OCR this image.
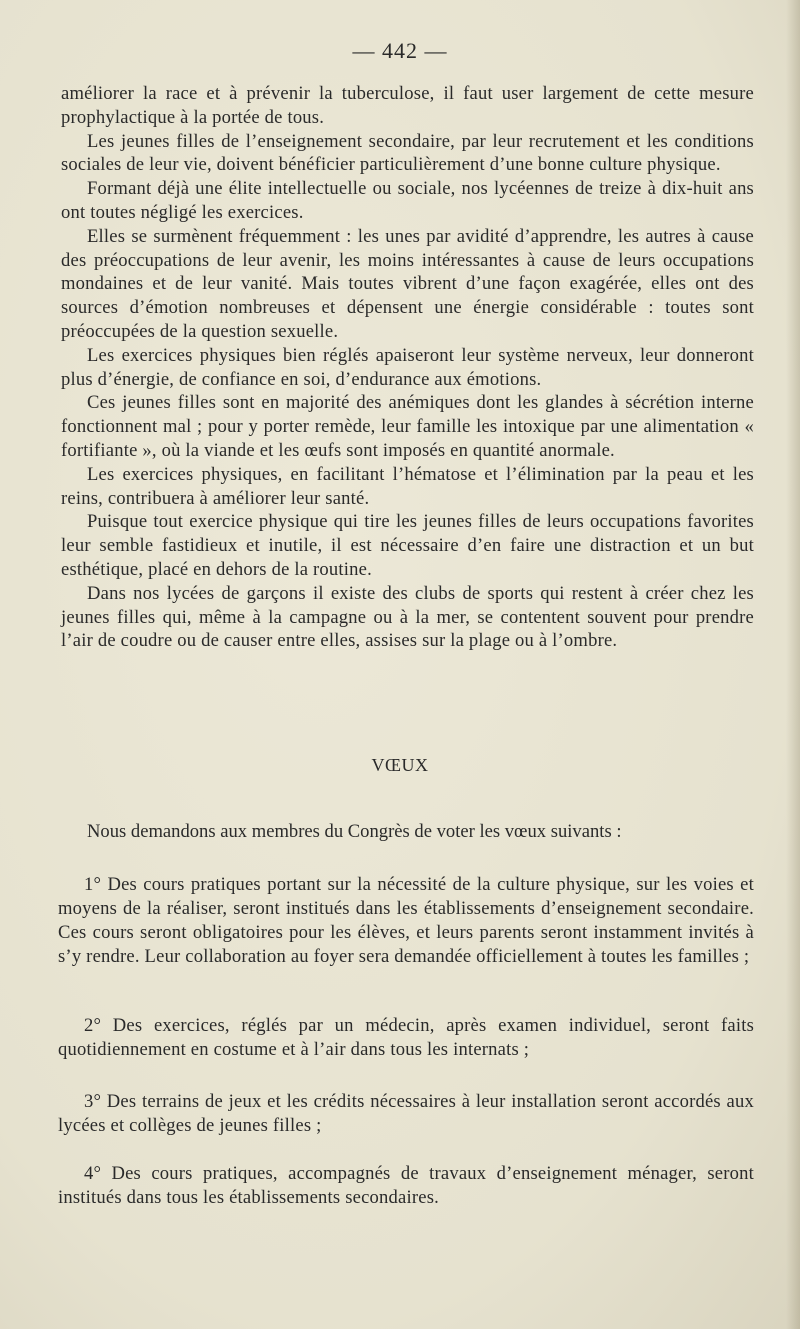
— 442 —

améliorer la race et à prévenir la tuberculose, il faut user largement de cette mesure prophylactique à la portée de tous.

Les jeunes filles de l’enseignement secondaire, par leur recrutement et les conditions sociales de leur vie, doivent bénéficier particulièrement d’une bonne culture physique.

Formant déjà une élite intellectuelle ou sociale, nos lycéennes de treize à dix-huit ans ont toutes négligé les exercices.

Elles se surmènent fréquemment : les unes par avidité d’apprendre, les autres à cause des préoccupations de leur avenir, les moins intéressantes à cause de leurs occupations mondaines et de leur vanité. Mais toutes vibrent d’une façon exagérée, elles ont des sources d’émotion nombreuses et dépensent une énergie considérable : toutes sont préoccupées de la question sexuelle.

Les exercices physiques bien réglés apaiseront leur système nerveux, leur donneront plus d’énergie, de confiance en soi, d’endurance aux émotions.

Ces jeunes filles sont en majorité des anémiques dont les glandes à sécrétion interne fonctionnent mal ; pour y porter remède, leur famille les intoxique par une alimentation « fortifiante », où la viande et les œufs sont imposés en quantité anormale.

Les exercices physiques, en facilitant l’hématose et l’élimination par la peau et les reins, contribuera à améliorer leur santé.

Puisque tout exercice physique qui tire les jeunes filles de leurs occupations favorites leur semble fastidieux et inutile, il est nécessaire d’en faire une distraction et un but esthétique, placé en dehors de la routine.

Dans nos lycées de garçons il existe des clubs de sports qui restent à créer chez les jeunes filles qui, même à la campagne ou à la mer, se contentent souvent pour prendre l’air de coudre ou de causer entre elles, assises sur la plage ou à l’ombre.

VŒUX
Nous demandons aux membres du Congrès de voter les vœux suivants :

1° Des cours pratiques portant sur la nécessité de la culture physique, sur les voies et moyens de la réaliser, seront institués dans les établissements d’enseignement secondaire. Ces cours seront obligatoires pour les élèves, et leurs parents seront instamment invités à s’y rendre. Leur collaboration au foyer sera demandée officiellement à toutes les familles ;

2° Des exercices, réglés par un médecin, après examen individuel, seront faits quotidiennement en costume et à l’air dans tous les internats ;

3° Des terrains de jeux et les crédits nécessaires à leur installation seront accordés aux lycées et collèges de jeunes filles ;

4° Des cours pratiques, accompagnés de travaux d’enseignement ménager, seront institués dans tous les établissements secondaires.
